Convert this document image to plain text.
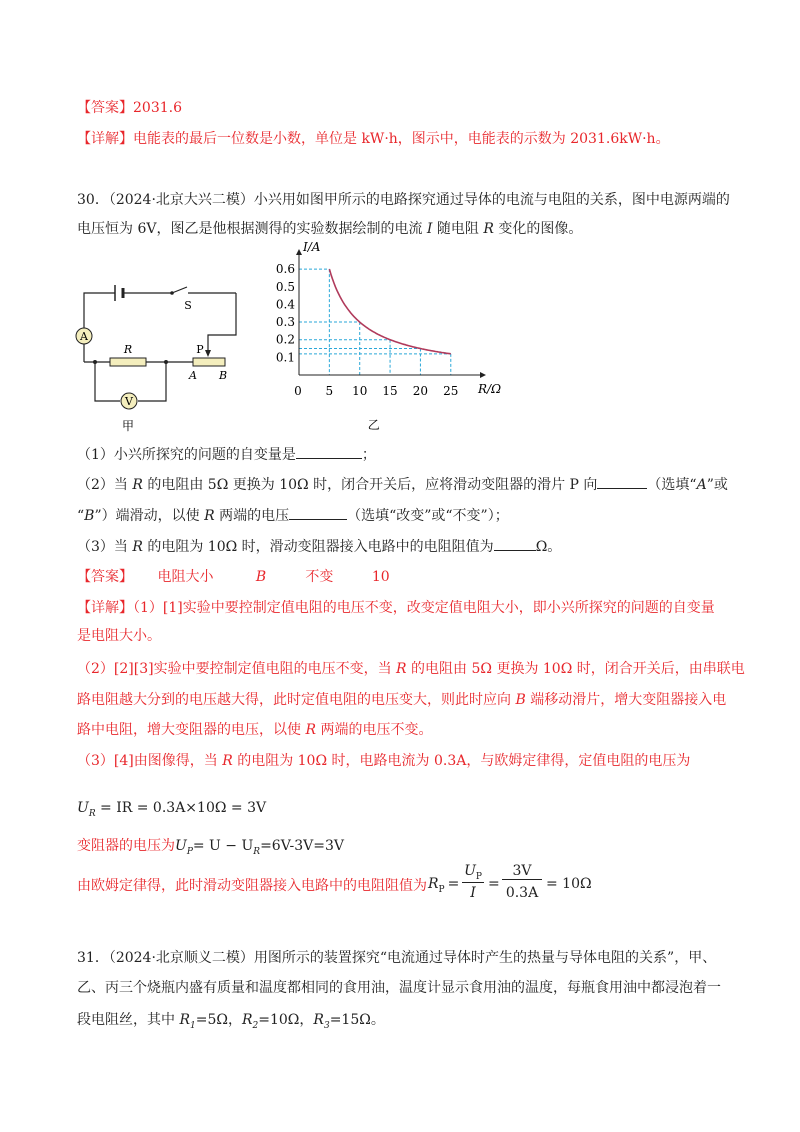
【答案】2031.6
【详解】电能表的最后一位数是小数，单位是 kW·h，图示中，电能表的示数为 2031.6kW·h。
30．（2024·北京大兴二模）小兴用如图甲所示的电路探究通过导体的电流与电阻的关系，图中电源两端的
电压恒为 6V，图乙是他根据测得的实验数据绘制的电流 I 随电阻 R 变化的图像。
A
R	P
A B
S
V
甲
0 5 10 15 20 25
0.1
0.2
0.3
0.4
0.5
0.6
I/A
R/Ω
乙
（1）小兴所探究的问题的自变量是	；
（2）当 R 的电阻由 5Ω 更换为 10Ω 时，闭合开关后，应将滑动变阻器的滑片 P 向	（选填“A”或
“B”）端滑动，以使 R 两端的电压	（选填“改变”或“不变”）；
（3）当 R 的电阻为 10Ω 时，滑动变阻器接入电路中的电阻阻值为	Ω。
【答案】 电阻大小	B	不变	10
【详解】（1）[1]实验中要控制定值电阻的电压不变，改变定值电阻大小，即小兴所探究的问题的自变量
是电阻大小。
（2）[2][3]实验中要控制定值电阻的电压不变，当 R 的电阻由 5Ω 更换为 10Ω 时，闭合开关后，由串联电
路电阻越大分到的电压越大得，此时定值电阻的电压变大，则此时应向 B 端移动滑片，增大变阻器接入电
路中电阻，增大变阻器的电压，以使 R 两端的电压不变。
（3）[4]由图像得，当 R 的电阻为 10Ω 时，电路电流为 0.3A，与欧姆定律得，定值电阻的电压为
$U_R$ = IR = 0.3A×10Ω = 3V
变阻器的电压为$U_P= U - U_R=6V-3V=3V$
由欧姆定律得，此时滑动变阻器接入电路中的电阻阻值为 $R_P$ =
$U_P$
I
=
3V
0.3A
= 10Ω
31．（2024·北京顺义二模）用图所示的装置探究“电流通过导体时产生的热量与导体电阻的关系”，甲、
乙、丙三个烧瓶内盛有质量和温度都相同的食用油，温度计显示食用油的温度，每瓶食用油中都浸泡着一
段电阻丝，其中 $R_1=5\Omega$，$R_2=10\Omega$，$R_3=15\Omega$。
